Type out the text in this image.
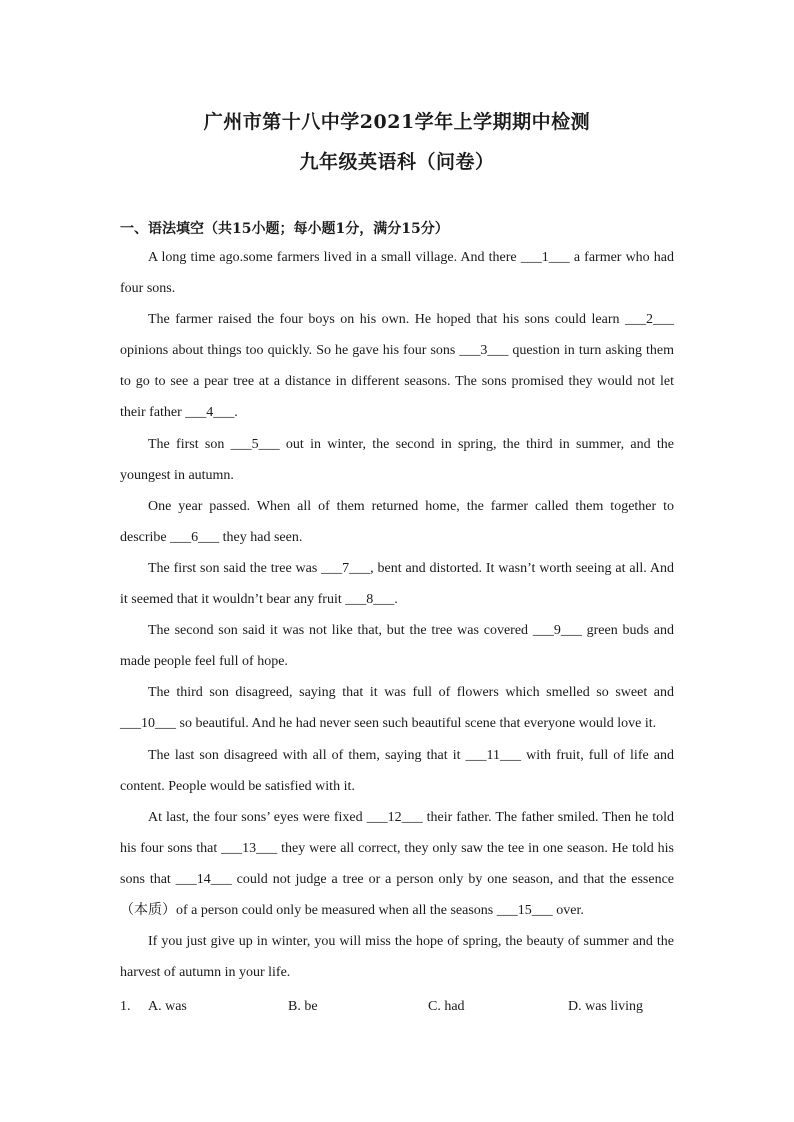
广州市第十八中学2021学年上学期期中检测
九年级英语科（问卷）
一、语法填空（共15小题；每小题1分，满分15分）

A long time ago.some farmers lived in a small village. And there ___1___ a farmer who had four sons.

The farmer raised the four boys on his own. He hoped that his sons could learn ___2___ opinions about things too quickly. So he gave his four sons ___3___ question in turn asking them to go to see a pear tree at a distance in different seasons. The sons promised they would not let their father ___4___.

The first son ___5___ out in winter, the second in spring, the third in summer, and the youngest in autumn.

One year passed. When all of them returned home, the farmer called them together to describe ___6___ they had seen.

The first son said the tree was ___7___, bent and distorted. It wasn’t worth seeing at all. And it seemed that it wouldn’t bear any fruit ___8___.

The second son said it was not like that, but the tree was covered ___9___ green buds and made people feel full of hope.

The third son disagreed, saying that it was full of flowers which smelled so sweet and ___10___ so beautiful. And he had never seen such beautiful scene that everyone would love it.

The last son disagreed with all of them, saying that it ___11___ with fruit, full of life and content. People would be satisfied with it.

At last, the four sons’ eyes were fixed ___12___ their father. The father smiled. Then he told his four sons that ___13___ they were all correct, they only saw the tee in one season. He told his sons that ___14___ could not judge a tree or a person only by one season, and that the essence（本质）of a person could only be measured when all the seasons ___15___ over.

If you just give up in winter, you will miss the hope of spring, the beauty of summer and the harvest of autumn in your life.

1. A. was	B. be	C. had	D. was living
